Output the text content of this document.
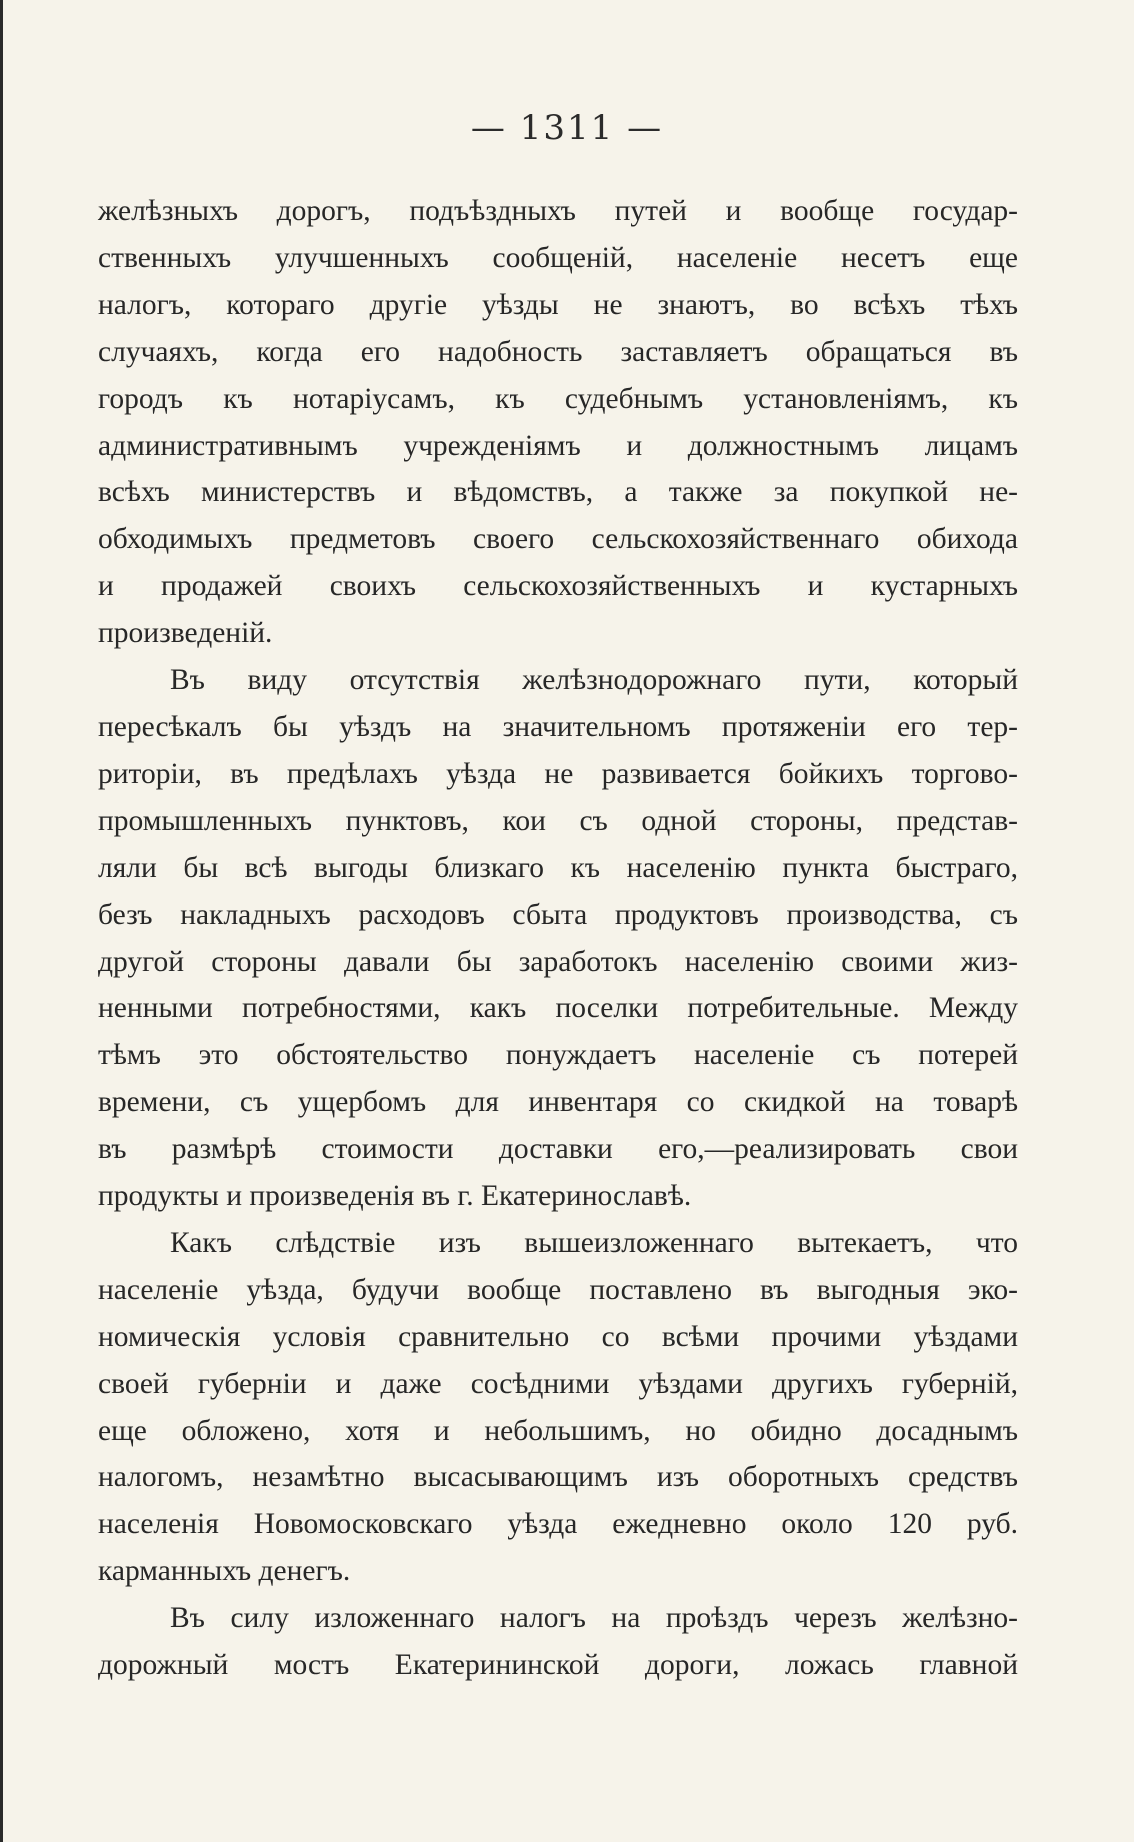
— 1311 —
желѣзныхъ дорогъ, подъѣздныхъ путей и вообще государ-
ственныхъ улучшенныхъ сообщеній, населеніе несетъ еще
налогъ, котораго другіе уѣзды не знаютъ, во всѣхъ тѣхъ
случаяхъ, когда его надобность заставляетъ обращаться въ
городъ къ нотаріусамъ, къ судебнымъ установленіямъ, къ
административнымъ учрежденіямъ и должностнымъ лицамъ
всѣхъ министерствъ и вѣдомствъ, а также за покупкой не-
обходимыхъ предметовъ своего сельскохозяйственнаго обихода
и продажей своихъ сельскохозяйственныхъ и кустарныхъ
произведеній.
Въ виду отсутствія желѣзнодорожнаго пути, который
пересѣкалъ бы уѣздъ на значительномъ протяженіи его тер-
риторіи, въ предѣлахъ уѣзда не развивается бойкихъ торгово-
промышленныхъ пунктовъ, кои съ одной стороны, представ-
ляли бы всѣ выгоды близкаго къ населенію пункта быстраго,
безъ накладныхъ расходовъ сбыта продуктовъ производства, съ
другой стороны давали бы заработокъ населенію своими жиз-
ненными потребностями, какъ поселки потребительные. Между
тѣмъ это обстоятельство понуждаетъ населеніе съ потерей
времени, съ ущербомъ для инвентаря со скидкой на товарѣ
въ размѣрѣ стоимости доставки его,—реализировать свои
продукты и произведенія въ г. Екатеринославѣ.
Какъ слѣдствіе изъ вышеизложеннаго вытекаетъ, что
населеніе уѣзда, будучи вообще поставлено въ выгодныя эко-
номическія условія сравнительно со всѣми прочими уѣздами
своей губерніи и даже сосѣдними уѣздами другихъ губерній,
еще обложено, хотя и небольшимъ, но обидно досаднымъ
налогомъ, незамѣтно высасывающимъ изъ оборотныхъ средствъ
населенія Новомосковскаго уѣзда ежедневно около 120 руб.
карманныхъ денегъ.
Въ силу изложеннаго налогъ на проѣздъ черезъ желѣзно-
дорожный мостъ Екатерининской дороги, ложась главной
